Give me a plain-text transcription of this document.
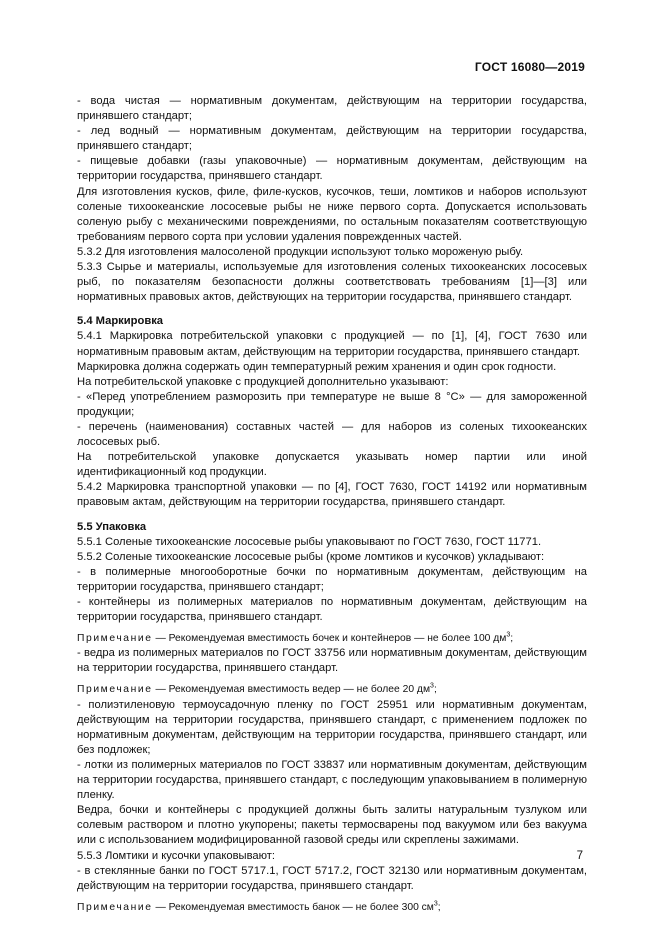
ГОСТ 16080—2019

- вода чистая — нормативным документам, действующим на территории государства, принявшего стандарт;

- лед водный — нормативным документам, действующим на территории государства, принявшего стандарт;

- пищевые добавки (газы упаковочные) — нормативным документам, действующим на территории государства, принявшего стандарт.

Для изготовления кусков, филе, филе-кусков, кусочков, теши, ломтиков и наборов используют соленые тихоокеанские лососевые рыбы не ниже первого сорта. Допускается использовать соленую рыбу с механическими повреждениями, по остальным показателям соответствующую требованиям первого сорта при условии удаления поврежденных частей.

5.3.2 Для изготовления малосоленой продукции используют только мороженую рыбу.

5.3.3 Сырье и материалы, используемые для изготовления соленых тихоокеанских лососевых рыб, по показателям безопасности должны соответствовать требованиям [1]—[3] или нормативных правовых актов, действующих на территории государства, принявшего стандарт.

5.4 Маркировка

5.4.1 Маркировка потребительской упаковки с продукцией — по [1], [4], ГОСТ 7630 или нормативным правовым актам, действующим на территории государства, принявшего стандарт.

Маркировка должна содержать один температурный режим хранения и один срок годности.

На потребительской упаковке с продукцией дополнительно указывают:

- «Перед употреблением разморозить при температуре не выше 8 °С» — для замороженной продукции;

- перечень (наименования) составных частей — для наборов из соленых тихоокеанских лососевых рыб.

На потребительской упаковке допускается указывать номер партии или иной идентификационный код продукции.

5.4.2 Маркировка транспортной упаковки — по [4], ГОСТ 7630, ГОСТ 14192 или нормативным правовым актам, действующим на территории государства, принявшего стандарт.

5.5 Упаковка

5.5.1 Соленые тихоокеанские лососевые рыбы упаковывают по ГОСТ 7630, ГОСТ 11771.

5.5.2 Соленые тихоокеанские лососевые рыбы (кроме ломтиков и кусочков) укладывают:

- в полимерные многооборотные бочки по нормативным документам, действующим на территории государства, принявшего стандарт;

- контейнеры из полимерных материалов по нормативным документам, действующим на территории государства, принявшего стандарт.

Примечание — Рекомендуемая вместимость бочек и контейнеров — не более 100 $дм^3$;

- ведра из полимерных материалов по ГОСТ 33756 или нормативным документам, действующим на территории государства, принявшего стандарт.

Примечание — Рекомендуемая вместимость ведер — не более 20 $дм^3$;

- полиэтиленовую термоусадочную пленку по ГОСТ 25951 или нормативным документам, действующим на территории государства, принявшего стандарт, с применением подложек по нормативным документам, действующим на территории государства, принявшего стандарт, или без подложек;

- лотки из полимерных материалов по ГОСТ 33837 или нормативным документам, действующим на территории государства, принявшего стандарт, с последующим упаковыванием в полимерную пленку.

Ведра, бочки и контейнеры с продукцией должны быть залиты натуральным тузлуком или солевым раствором и плотно укупорены; пакеты термосварены под вакуумом или без вакуума или с использованием модифицированной газовой среды или скреплены зажимами.

5.5.3 Ломтики и кусочки упаковывают:

- в стеклянные банки по ГОСТ 5717.1, ГОСТ 5717.2, ГОСТ 32130 или нормативным документам, действующим на территории государства, принявшего стандарт.

Примечание — Рекомендуемая вместимость банок — не более 300 $см^3$;

7
